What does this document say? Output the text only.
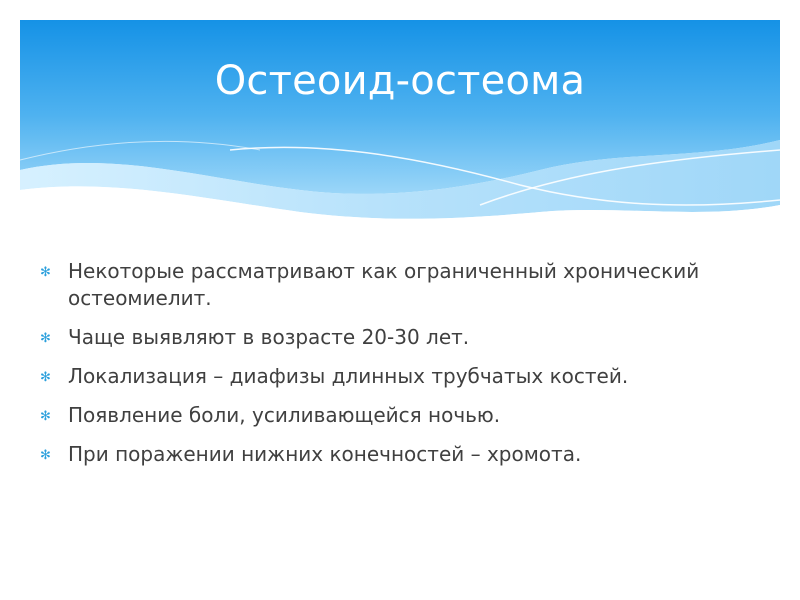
Остеоид-остеома
✻ Некоторые рассматривают как ограниченный хронический остеомиелит.
✻ Чаще выявляют в возрасте 20-30 лет.
✻ Локализация – диафизы длинных трубчатых костей.
✻ Появление боли, усиливающейся ночью.
✻ При поражении нижних конечностей – хромота.
